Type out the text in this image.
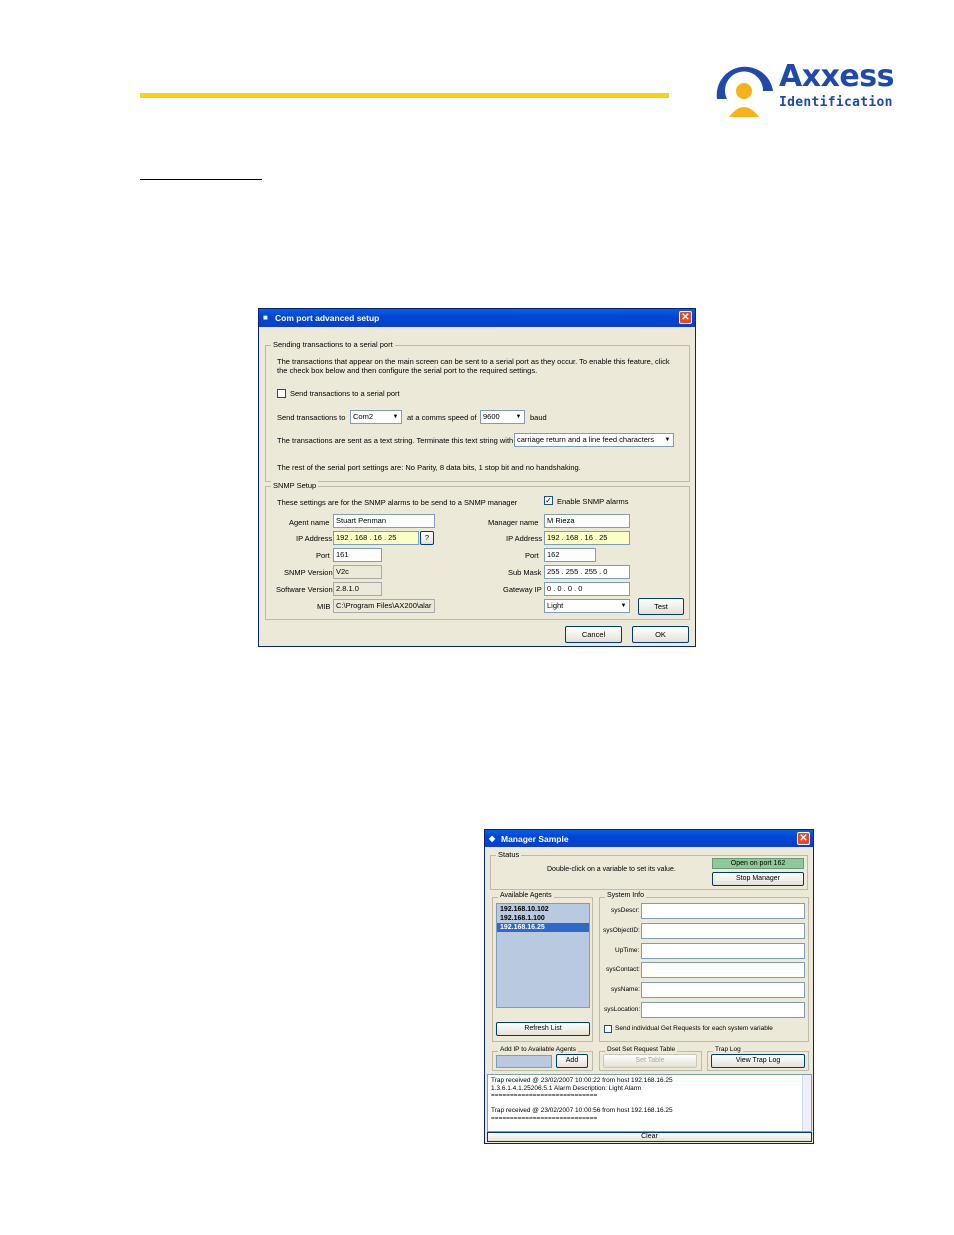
Axxess
Identification
■ Com port advanced setup	✕
Sending transactions to a serial port
The transactions that appear on the main screen can be sent to a serial port as they occur. To enable this feature, click
the check box below and then configure the serial port to the required settings.
Send transactions to a serial port
Send transactions to	Com2	▼	at a comms speed of 9600	▼	baud
The transactions are sent as a text string. Terminate this text string with carriage return and a line feed characters	▼
The rest of the serial port settings are: No Parity, 8 data bits, 1 stop bit and no handshaking.
SNMP Setup
These settings are for the SNMP alarms to be send to a SNMP manager	✓ Enable SNMP alarms
Agent name Stuart Penman
IP Address 192 . 168 . 16 . 25	?
Port 161
SNMP Version V2c
Software Version 2.8.1.0
MIB C:\Program Files\AX200\alar
Manager name	M Rieza
IP Address 192 . 168 . 16 . 25
Port	162
Sub Mask 255 . 255 . 255 . 0
Gateway IP 0 . 0 . 0 . 0
Light	▼	Test
Cancel	OK
◆ Manager Sample	✕
Status
Double-click on a variable to set its value.
Open on port 162
Stop Manager
Available Agents
192.168.10.102
192.168.1.100
192.168.16.25
Refresh List
System Info
sysDescr:
sysObjectID:
UpTime:
sysContact:
sysName:
sysLocation:
Send individual Get Requests for each system variable
Add IP to Available Agents
Add
Dset Set Request Table
Set Table
Trap Log
View Trap Log
Trap received @ 23/02/2007 10:00:22 from host 192.168.16.25
1.3.6.1.4.1.25206.5.1 Alarm Description: Light Alarm
============================
Trap received @ 23/02/2007 10:00:56 from host 192.168.16.25
============================
Clear
